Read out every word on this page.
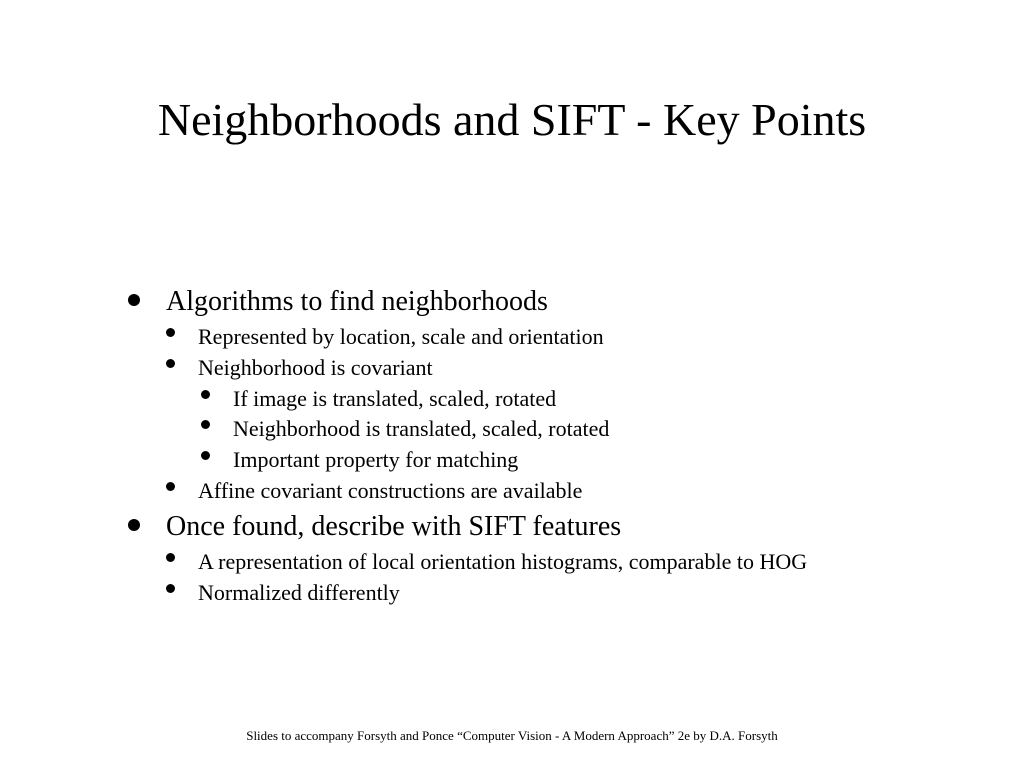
Neighborhoods and SIFT - Key Points
Algorithms to find neighborhoods
Represented by location, scale and orientation
Neighborhood is covariant
If image is translated, scaled, rotated
Neighborhood is translated, scaled, rotated
Important property for matching
Affine covariant constructions are available
Once found, describe with SIFT features
A representation of local orientation histograms, comparable to HOG
Normalized differently
Slides to accompany Forsyth and Ponce “Computer Vision - A Modern Approach” 2e by D.A. Forsyth
